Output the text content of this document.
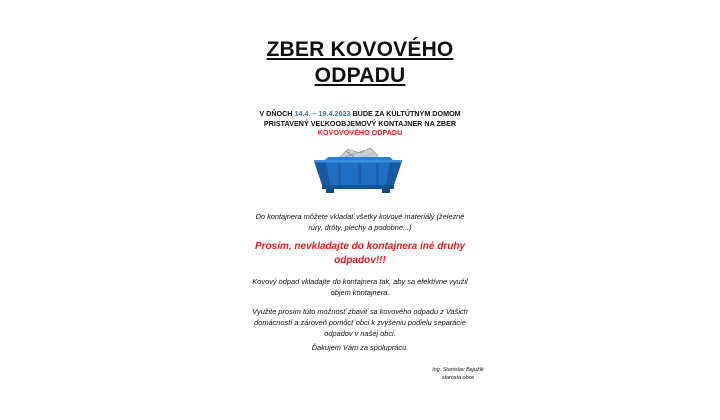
ZBER KOVOVÉHO
ODPADU
V DŇOCH 14.4. – 19.4.2023 BUDE ZA KULTÚTNYM DOMOM
PRISTAVENÝ VEĽKOOBJEMOVÝ KONTAJNER NA ZBER
KOVOVOVÉHO ODPADU
Do kontajnera môžete vkladať všetky kovové materiály (železné
rúry, drôty, plechy a podobne...)
Prosím, nevkladajte do kontajnera iné druhy
odpadov!!!
Kovový odpad vkladajte do kontajnera tak, aby sa efektívne využil
objem kontajnera.
Využite prosím túto možnosť zbaviť sa kovového odpadu z Vašich
domácností a zároveň pomôcť obci k zvýšeniu podielu separácie
odpadov v našej obci.
Ďakujem Vám za spoluprácu.
Ing. Stanislav Bajužík
starosta obce
